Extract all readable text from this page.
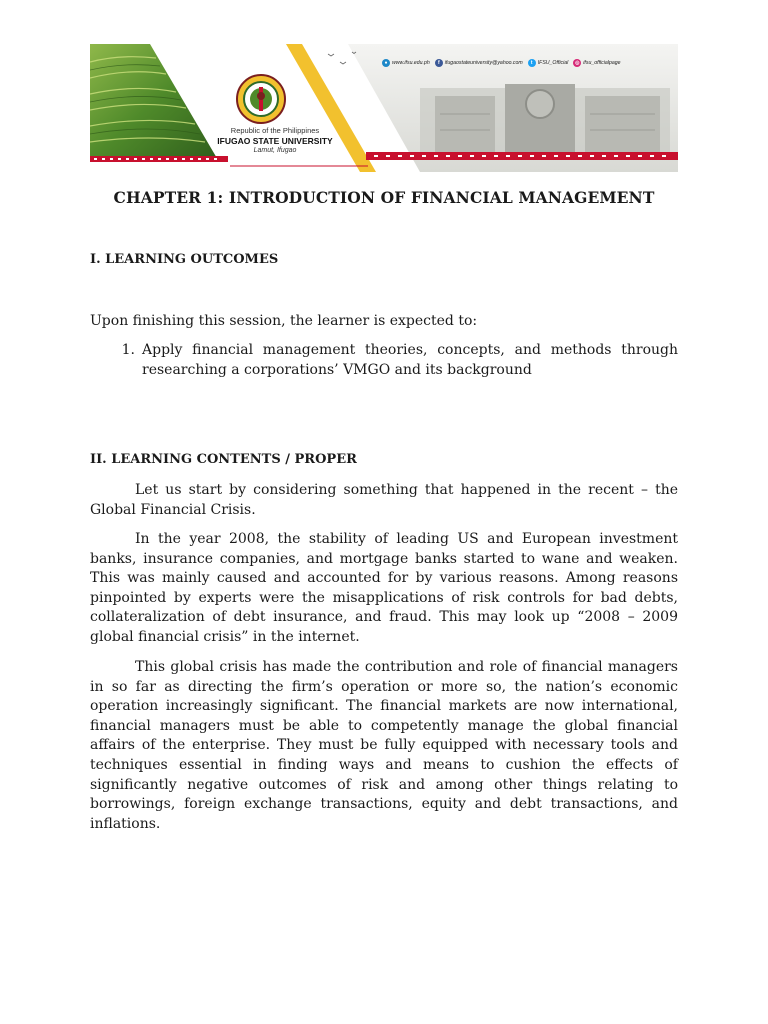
Republic of the Philippines
IFUGAO STATE UNIVERSITY
Lamut, Ifugao
● www.ifsu.edu.ph	f ifugaostateuniversity@yahoo.com	t IFSU_Official	◎ ifsu_officialpage
CHAPTER 1: INTRODUCTION OF FINANCIAL MANAGEMENT
I. LEARNING OUTCOMES

Upon finishing this session, the learner is expected to:

1. Apply financial management theories, concepts, and methods through researching a corporations’ VMGO and its background
II. LEARNING CONTENTS / PROPER

Let us start by considering something that happened in the recent – the Global Financial Crisis.

In the year 2008, the stability of leading US and European investment banks, insurance companies, and mortgage banks started to wane and weaken. This was mainly caused and accounted for by various reasons. Among reasons pinpointed by experts were the misapplications of risk controls for bad debts, collateralization of debt insurance, and fraud. This may look up “2008 – 2009 global financial crisis” in the internet.

This global crisis has made the contribution and role of financial managers in so far as directing the firm’s operation or more so, the nation’s economic operation increasingly significant. The financial markets are now international, financial managers must be able to competently manage the global financial affairs of the enterprise. They must be fully equipped with necessary tools and techniques essential in finding ways and means to cushion the effects of significantly negative outcomes of risk and among other things relating to borrowings, foreign exchange transactions, equity and debt transactions, and inflations.
